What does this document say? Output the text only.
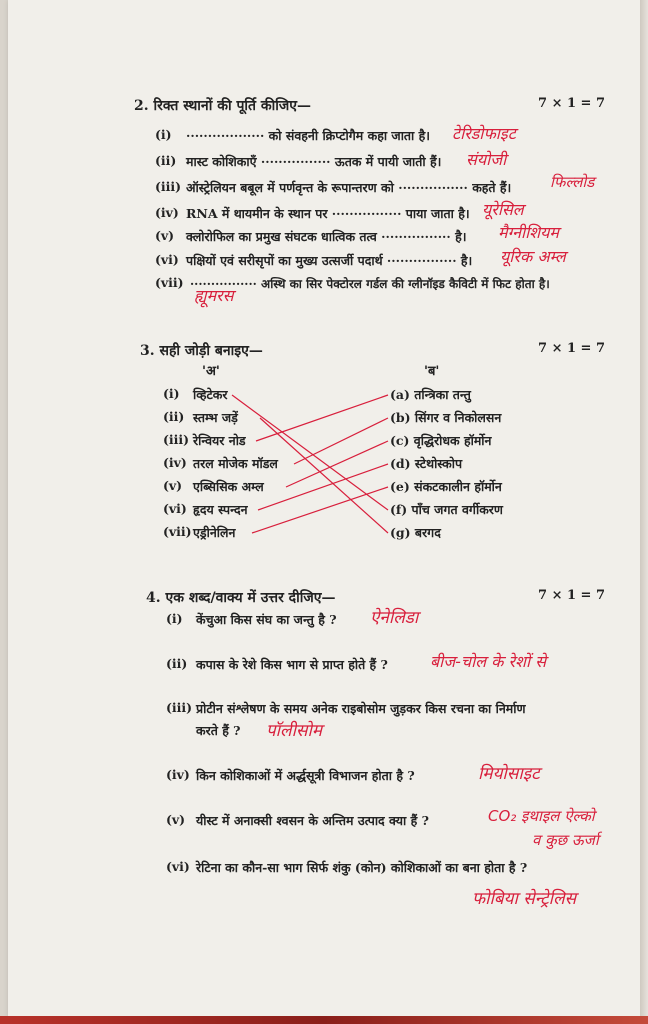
2. रिक्त स्थानों की पूर्ति कीजिए—	7 × 1 = 7
(i) ·················· को संवहनी क्रिप्टोगैम कहा जाता है। टेरिडोफाइट
(ii) मास्ट कोशिकाएँ ················ ऊतक में पायी जाती हैं। संयोजी
(iii) ऑस्ट्रेलियन बबूल में पर्णवृन्त के रूपान्तरण को ················ कहते हैं।	फिल्लोड
(iv) RNA में थायमीन के स्थान पर ················ पाया जाता है। यूरेसिल
(v) क्लोरोफिल का प्रमुख संघटक धात्विक तत्व ················ है। मैग्नीशियम
(vi) पक्षियों एवं सरीसृपों का मुख्य उत्सर्जी पदार्थ ················ है। यूरिक अम्ल
(vii) ················ अस्थि का सिर पेक्टोरल गर्डल की ग्लीनॉइड कैविटी में फिट होता है।
ह्यूमरस
3. सही जोड़ी बनाइए—	7 × 1 = 7
'अ'	'ब'
(i) व्हिटेकर
(ii) स्तम्भ जड़ें
(iii) रेन्वियर नोड
(iv) तरल मोजेक मॉडल
(v) एब्सिसिक अम्ल
(vi) हृदय स्पन्दन
(vii) एड्रीनेलिन
(a) तन्त्रिका तन्तु
(b) सिंगर व निकोलसन
(c) वृद्धिरोधक हॉर्मोन
(d) स्टेथोस्कोप
(e) संकटकालीन हॉर्मोन
(f) पाँच जगत वर्गीकरण
(g) बरगद
4. एक शब्द/वाक्य में उत्तर दीजिए—	7 × 1 = 7
(i) केंचुआ किस संघ का जन्तु है ? ऐनेलिडा
(ii) कपास के रेशे किस भाग से प्राप्त होते हैं ?	बीज-चोल के रेशों से
(iii) प्रोटीन संश्लेषण के समय अनेक राइबोसोम जुड़कर किस रचना का निर्माण
करते हैं ? पॉलीसोम
(iv) किन कोशिकाओं में अर्द्धसूत्री विभाजन होता है ?	मियोसाइट
(v) यीस्ट में अनाक्सी श्वसन के अन्तिम उत्पाद क्या हैं ?	CO₂ इथाइल ऐल्को
व कुछ ऊर्जा
(vi) रेटिना का कौन-सा भाग सिर्फ शंकु (कोन) कोशिकाओं का बना होता है ?
फोबिया सेन्ट्रेलिस
